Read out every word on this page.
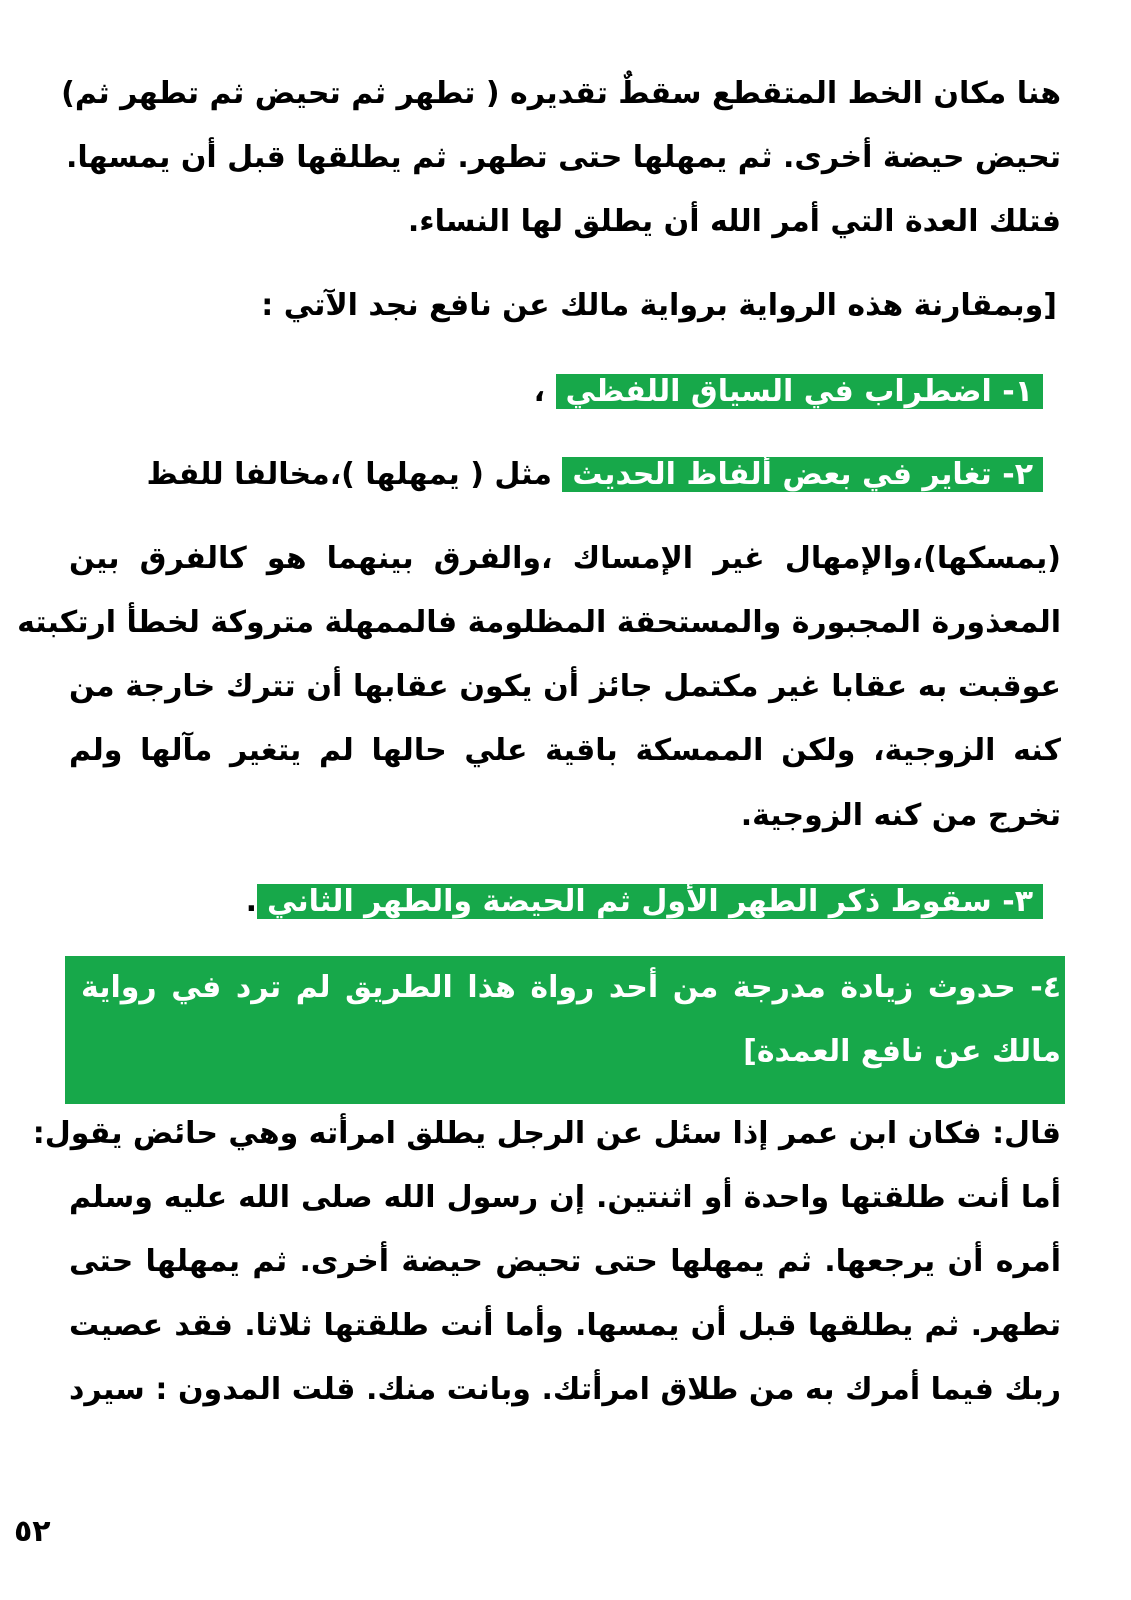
هنا مكان الخط المتقطع سقطٌ تقديره ( تطهر ثم تحيض ثم تطهر ثم)
تحيض حيضة أخرى. ثم يمهلها حتى تطهر. ثم يطلقها قبل أن يمسها.
فتلك العدة التي أمر الله أن يطلق لها النساء.
[وبمقارنة هذه الرواية برواية مالك عن نافع نجد الآتي :
١- اضطراب في السياق اللفظي ،
٢- تغاير في بعض ألفاظ الحديث مثل ( يمهلها )،مخالفا للفظ
(يمسكها)،والإمهال غير الإمساك ،والفرق بينهما هو كالفرق بين
المعذورة المجبورة والمستحقة المظلومة فالممهلة متروكة لخطأ ارتكبته
عوقبت به عقابا غير مكتمل جائز أن يكون عقابها أن تترك خارجة من
كنه الزوجية، ولكن الممسكة باقية علي حالها لم يتغير مآلها ولم
تخرج من كنه الزوجية.
٣- سقوط ذكر الطهر الأول ثم الحيضة والطهر الثاني.
٤- حدوث زيادة مدرجة من أحد رواة هذا الطريق لم ترد في رواية
مالك عن نافع العمدة]
قال: فكان ابن عمر إذا سئل عن الرجل يطلق امرأته وهي حائض يقول:
أما أنت طلقتها واحدة أو اثنتين. إن رسول الله صلى الله عليه وسلم
أمره أن يرجعها. ثم يمهلها حتى تحيض حيضة أخرى. ثم يمهلها حتى
تطهر. ثم يطلقها قبل أن يمسها. وأما أنت طلقتها ثلاثا. فقد عصيت
ربك فيما أمرك به من طلاق امرأتك. وبانت منك. قلت المدون : سيرد
٥٢
